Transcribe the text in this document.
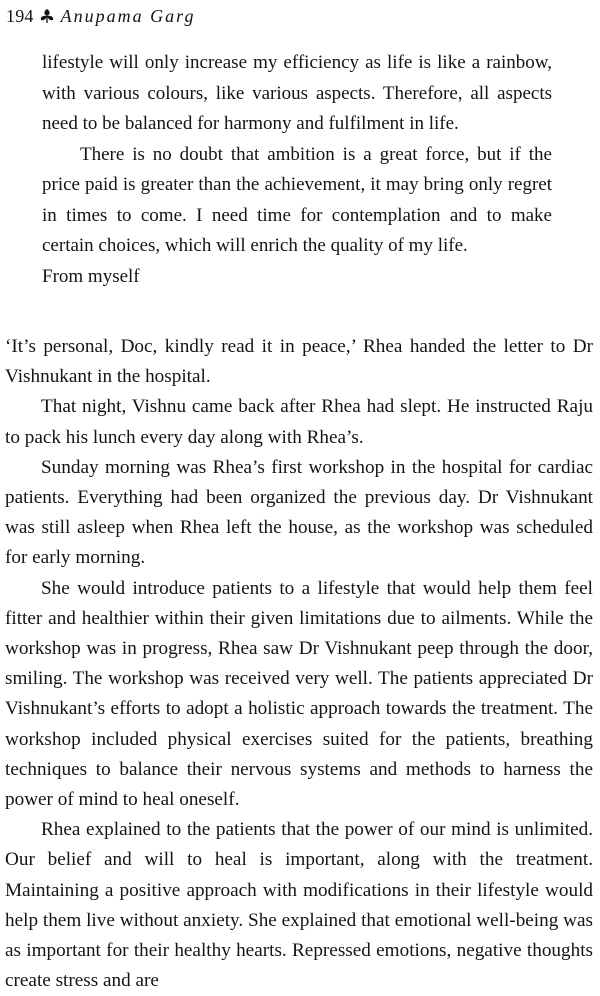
194 Anupama Garg

lifestyle will only increase my efficiency as life is like a rainbow, with various colours, like various aspects. Therefore, all aspects need to be balanced for harmony and fulfilment in life.

There is no doubt that ambition is a great force, but if the price paid is greater than the achievement, it may bring only regret in times to come. I need time for contemplation and to make certain choices, which will enrich the quality of my life.

From myself

‘It’s personal, Doc, kindly read it in peace,’ Rhea handed the letter to Dr Vishnukant in the hospital.

That night, Vishnu came back after Rhea had slept. He instructed Raju to pack his lunch every day along with Rhea’s.

Sunday morning was Rhea’s first workshop in the hospital for cardiac patients. Everything had been organized the previous day. Dr Vishnukant was still asleep when Rhea left the house, as the workshop was scheduled for early morning.

She would introduce patients to a lifestyle that would help them feel fitter and healthier within their given limitations due to ailments. While the workshop was in progress, Rhea saw Dr Vishnukant peep through the door, smiling. The workshop was received very well. The patients appreciated Dr Vishnukant’s efforts to adopt a holistic approach towards the treatment. The workshop included physical exercises suited for the patients, breathing techniques to balance their nervous systems and methods to harness the power of mind to heal oneself.

Rhea explained to the patients that the power of our mind is unlimited. Our belief and will to heal is important, along with the treatment. Maintaining a positive approach with modifications in their lifestyle would help them live without anxiety. She explained that emotional well-being was as important for their healthy hearts. Repressed emotions, negative thoughts create stress and are
